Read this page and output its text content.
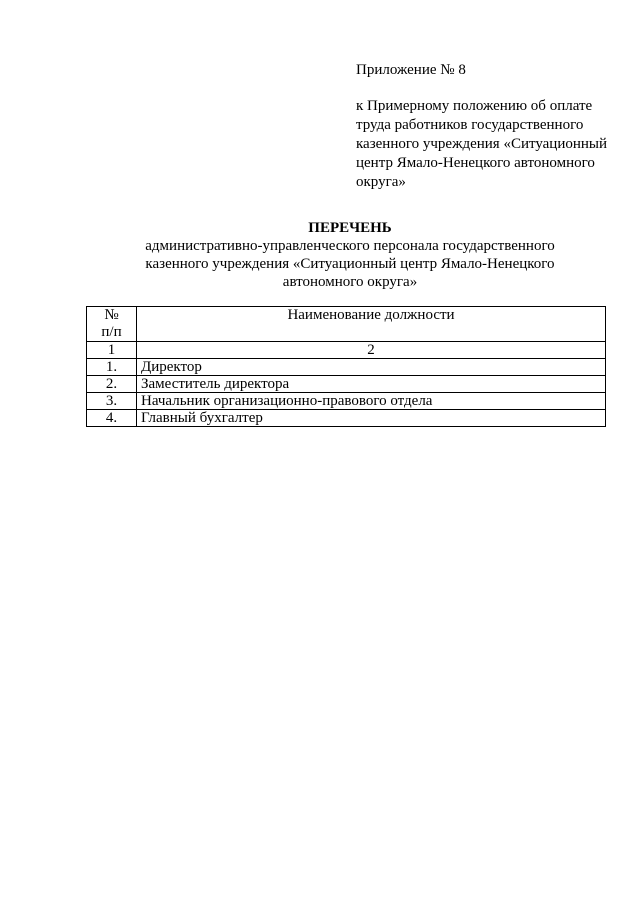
Приложение № 8
к Примерному положению об оплате
труда работников государственного
казенного учреждения «Ситуационный
центр Ямало-Ненецкого автономного
округа»
ПЕРЕЧЕНЬ
административно-управленческого персонала государственного
казенного учреждения «Ситуационный центр Ямало-Ненецкого
автономного округа»
№
п/п	Наименование должности
1	2
1.	Директор
2.	Заместитель директора
3.	Начальник организационно-правового отдела
4.	Главный бухгалтер
